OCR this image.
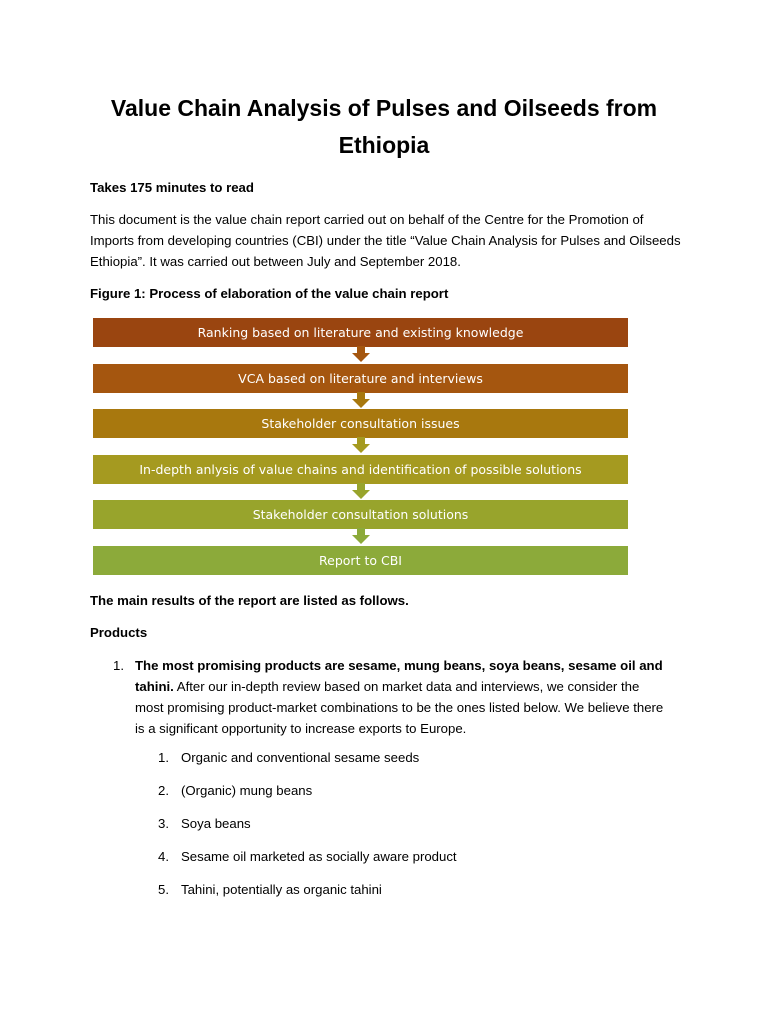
Value Chain Analysis of Pulses and Oilseeds from
Ethiopia
Takes 175 minutes to read
This document is the value chain report carried out on behalf of the Centre for the Promotion of Imports from developing countries (CBI) under the title “Value Chain Analysis for Pulses and Oilseeds Ethiopia”. It was carried out between July and September 2018.
Figure 1: Process of elaboration of the value chain report
Ranking based on literature and existing knowledge
VCA based on literature and interviews
Stakeholder consultation issues
In-depth anlysis of value chains and identification of possible solutions
Stakeholder consultation solutions
Report to CBI
The main results of the report are listed as follows.
Products
1. The most promising products are sesame, mung beans, soya beans, sesame oil and tahini. After our in-depth review based on market data and interviews, we consider the most promising product-market combinations to be the ones listed below. We believe there is a significant opportunity to increase exports to Europe.
1. Organic and conventional sesame seeds
2. (Organic) mung beans
3. Soya beans
4. Sesame oil marketed as socially aware product
5. Tahini, potentially as organic tahini
